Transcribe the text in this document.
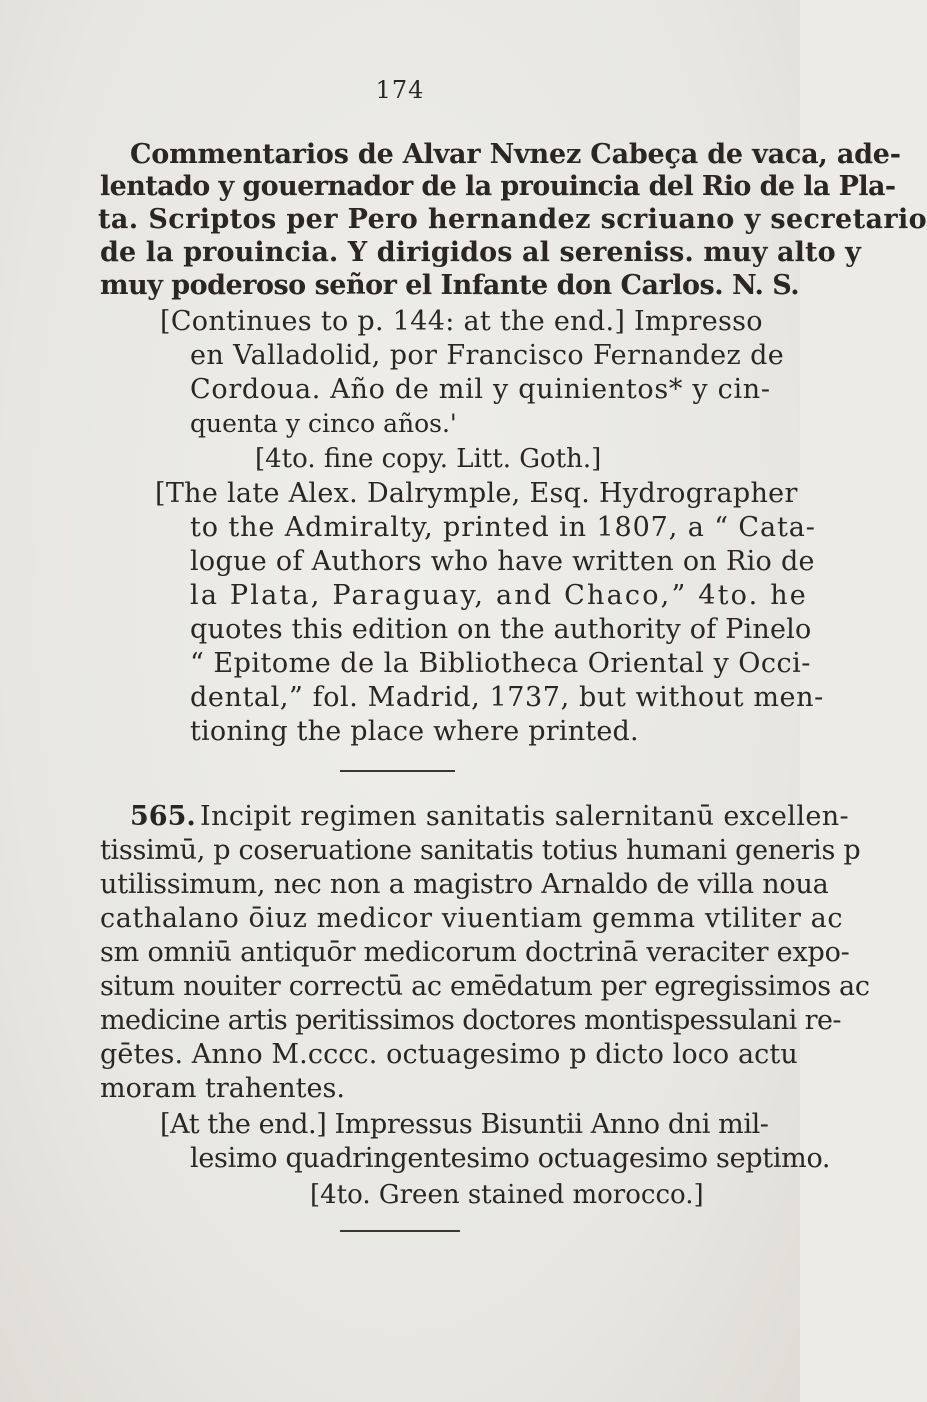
174
Commentarios de Alvar Nvnez Cabeça de vaca, ade-
lentado y gouernador de la prouincia del Rio de la Pla-
ta. Scriptos per Pero hernandez scriuano y secretario
de la prouincia. Y dirigidos al sereniss. muy alto y
muy poderoso señor el Infante don Carlos. N. S.
[Continues to p. 144: at the end.] Impresso
en Valladolid, por Francisco Fernandez de
Cordoua. Año de mil y quinientos* y cin-
quenta y cinco años.'
[4to. fine copy. Litt. Goth.]
[The late Alex. Dalrymple, Esq. Hydrographer
to the Admiralty, printed in 1807, a “ Cata-
logue of Authors who have written on Rio de
la Plata, Paraguay, and Chaco,” 4to. he
quotes this edition on the authority of Pinelo
“ Epitome de la Bibliotheca Oriental y Occi-
dental,” fol. Madrid, 1737, but without men-
tioning the place where printed.
565. Incipit regimen sanitatis salernitanū excellen-
tissimū, p coseruatione sanitatis totius humani generis p
utilissimum, nec non a magistro Arnaldo de villa noua
cathalano ōiuz medicor viuentiam gemma vtiliter ac
sm omniū antiquōr medicorum doctrinā veraciter expo-
situm nouiter correctū ac emēdatum per egregissimos ac
medicine artis peritissimos doctores montispessulani re-
gētes. Anno M.cccc. octuagesimo p dicto loco actu
moram trahentes.
[At the end.] Impressus Bisuntii Anno dni mil-
lesimo quadringentesimo octuagesimo septimo.
[4to. Green stained morocco.]
